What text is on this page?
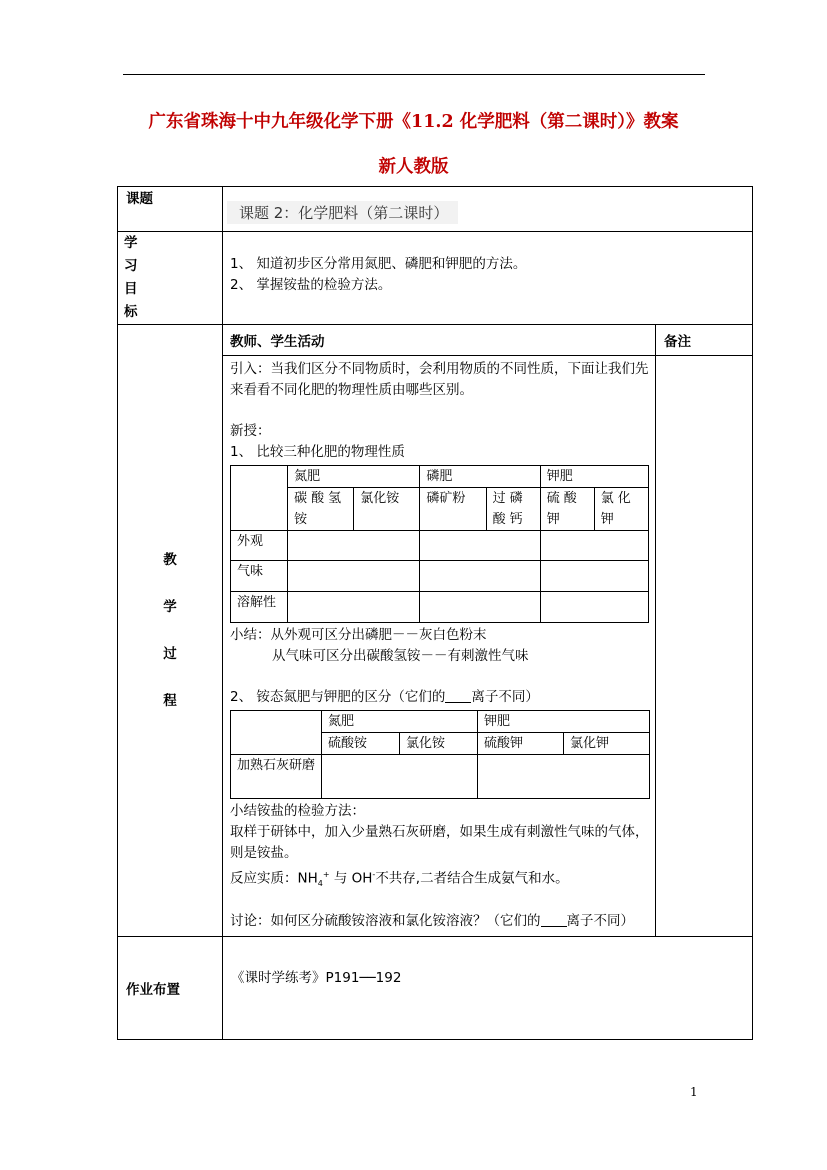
广东省珠海十中九年级化学下册《11.2 化学肥料（第二课时）》教案
新人教版
课题	课题 2：化学肥料（第二课时）

学
习
目
标

1、 知道初步区分常用氮肥、磷肥和钾肥的方法。
2、 掌握铵盐的检验方法。

教
学
过
程
	教师、学生活动	备注

引入：当我们区分不同物质时，会利用物质的不同性质，下面让我们先来看看不同化肥的物理性质由哪些区别。
新授：
1、 比较三种化肥的物理性质
	氮肥	磷肥	钾肥
碳酸氢铵	氯化铵	磷矿粉	过磷酸钙	硫酸钾	氯化钾
外观			
气味			
溶解性			
小结：从外观可区分出磷肥－－灰白色粉末
从气味可区分出碳酸氢铵－－有刺激性气味
2、 铵态氮肥与钾肥的区分（它们的 离子不同）
	氮肥	钾肥
硫酸铵	氯化铵	硫酸钾	氯化钾
加熟石灰研磨		
小结铵盐的检验方法：
取样于研钵中，加入少量熟石灰研磨，如果生成有刺激性气味的气体，则是铵盐。
反应实质：$NH_4^+$ 与 OH-不共存,二者结合生成氨气和水。
讨论：如何区分硫酸铵溶液和氯化铵溶液？（它们的 离子不同）

作业布置	《课时学练考》P191──192
1
